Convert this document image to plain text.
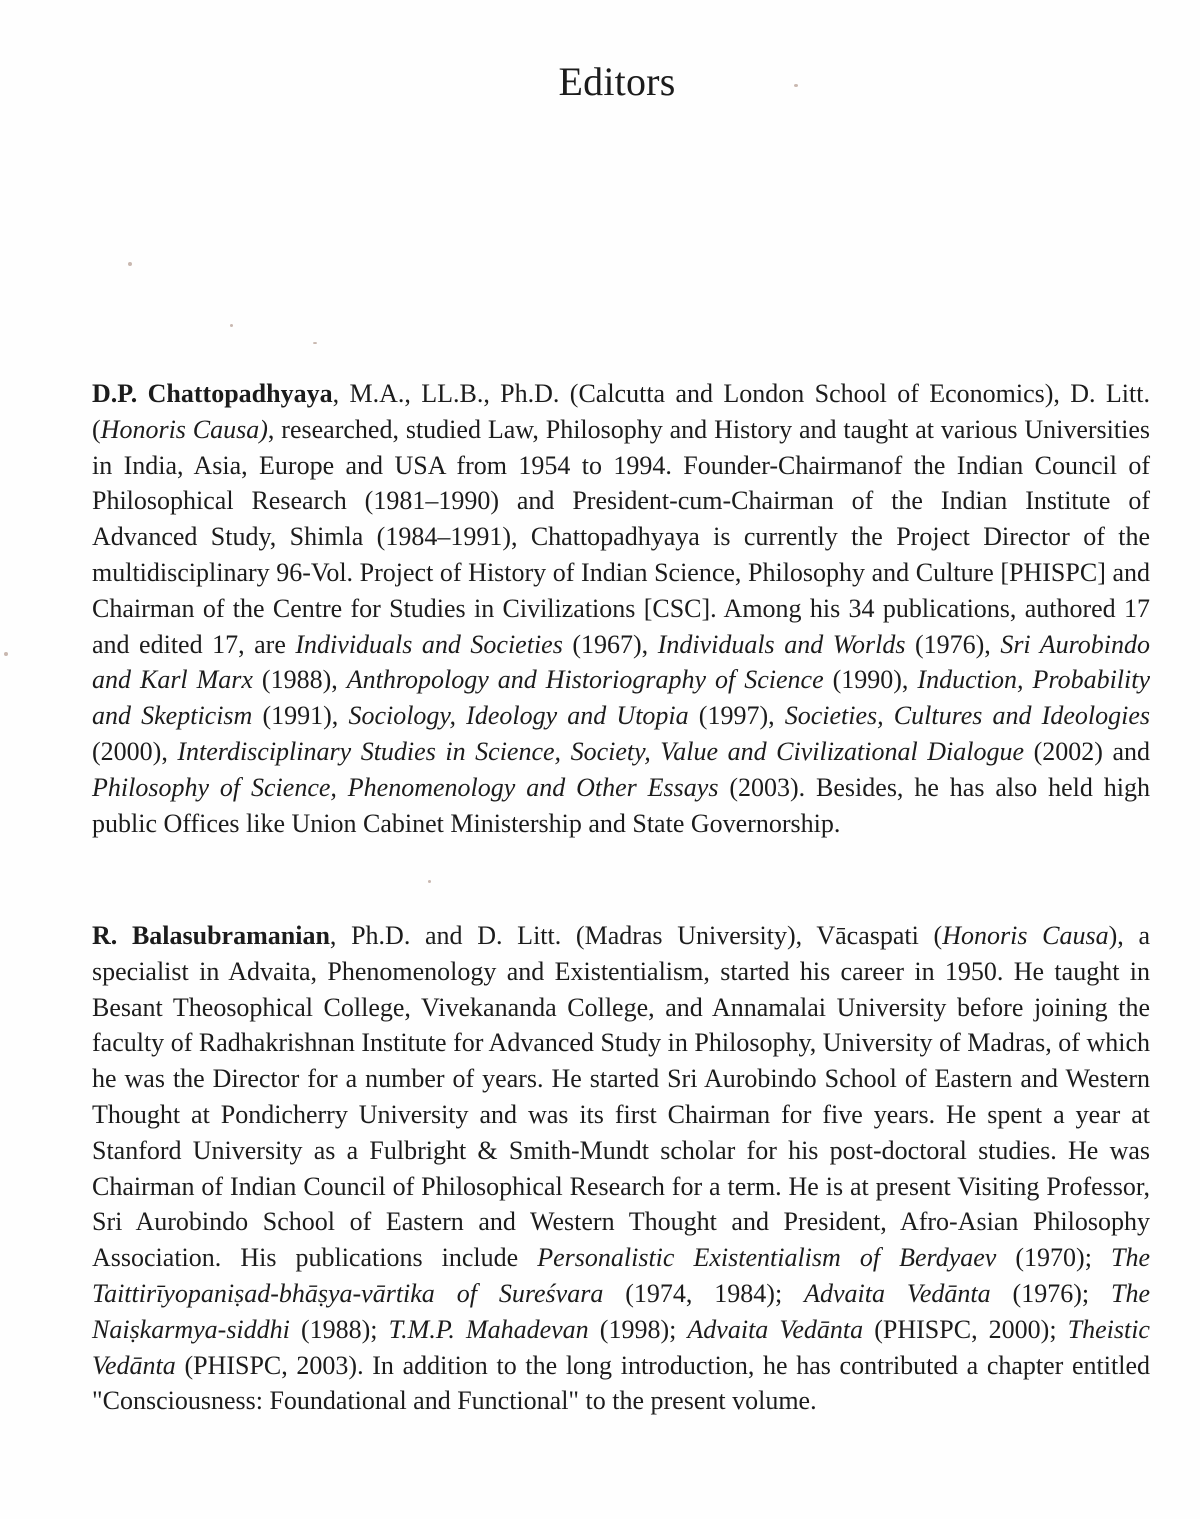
Editors

D.P. Chattopadhyaya, M.A., LL.B., Ph.D. (Calcutta and London School of Economics), D. Litt. (Honoris Causa), researched, studied Law, Philosophy and History and taught at various Universities in India, Asia, Europe and USA from 1954 to 1994. Founder-Chairmanof the Indian Council of Philosophical Research (1981–1990) and President-cum-Chairman of the Indian Institute of Advanced Study, Shimla (1984–1991), Chattopadhyaya is currently the Project Director of the multidisciplinary 96-Vol. Project of History of Indian Science, Philosophy and Culture [PHISPC] and Chairman of the Centre for Studies in Civilizations [CSC]. Among his 34 publications, authored 17 and edited 17, are Individuals and Societies (1967), Individuals and Worlds (1976), Sri Aurobindo and Karl Marx (1988), Anthropology and Historiography of Science (1990), Induction, Probability and Skepticism (1991), Sociology, Ideology and Utopia (1997), Societies, Cultures and Ideologies (2000), Interdisciplinary Studies in Science, Society, Value and Civilizational Dialogue (2002) and Philosophy of Science, Phenomenology and Other Essays (2003). Besides, he has also held high public Offices like Union Cabinet Ministership and State Governorship.

R. Balasubramanian, Ph.D. and D. Litt. (Madras University), Vācaspati (Honoris Causa), a specialist in Advaita, Phenomenology and Existentialism, started his career in 1950. He taught in Besant Theosophical College, Vivekananda College, and Annamalai University before joining the faculty of Radhakrishnan Institute for Advanced Study in Philosophy, University of Madras, of which he was the Director for a number of years. He started Sri Aurobindo School of Eastern and Western Thought at Pondicherry University and was its first Chairman for five years. He spent a year at Stanford University as a Fulbright & Smith-Mundt scholar for his post-doctoral studies. He was Chairman of Indian Council of Philosophical Research for a term. He is at present Visiting Professor, Sri Aurobindo School of Eastern and Western Thought and President, Afro-Asian Philosophy Association. His publications include Personalistic Existentialism of Berdyaev (1970); The Taittirīyopaniṣad-bhāṣya-vārtika of Sureśvara (1974, 1984); Advaita Vedānta (1976); The Naiṣkarmya-siddhi (1988); T.M.P. Mahadevan (1998); Advaita Vedānta (PHISPC, 2000); Theistic Vedānta (PHISPC, 2003). In addition to the long introduction, he has contributed a chapter entitled "Consciousness: Foundational and Functional" to the present volume.
